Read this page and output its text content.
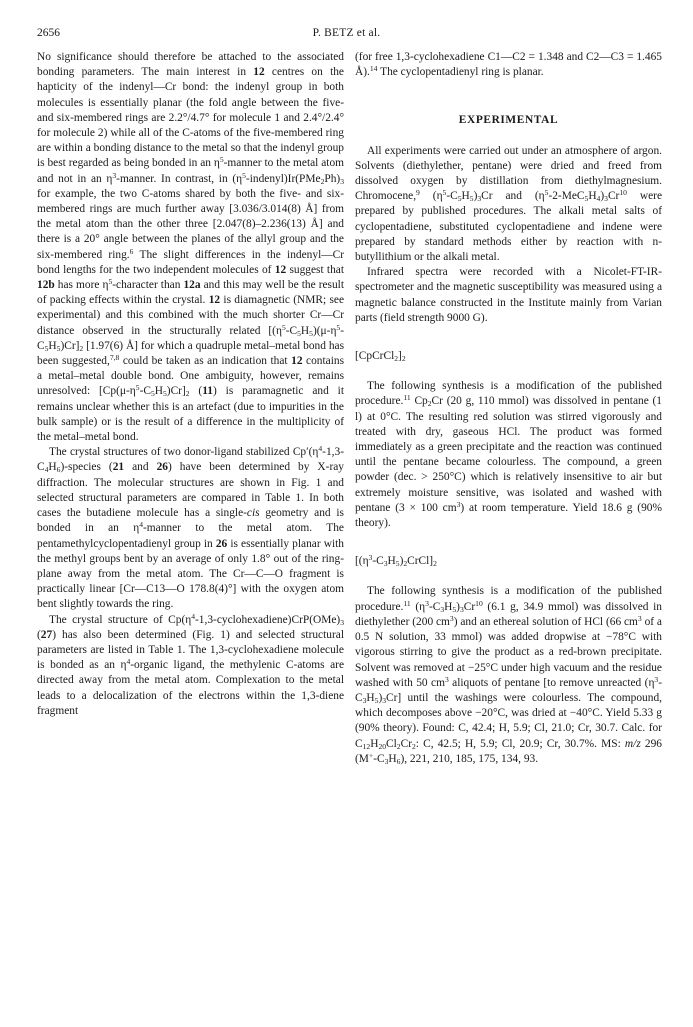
2656	P. BETZ et al.

No significance should therefore be attached to the associated bonding parameters. The main interest in 12 centres on the hapticity of the indenyl—Cr bond: the indenyl group in both molecules is essentially planar (the fold angle between the five- and six-membered rings are 2.2°/4.7° for molecule 1 and 2.4°/2.4° for molecule 2) while all of the C-atoms of the five-membered ring are within a bonding distance to the metal so that the indenyl group is best regarded as being bonded in an $\eta^5$-manner to the metal atom and not in an $\eta^3$-manner. In contrast, in $(\eta^5-indenyl)Ir(PMe_2Ph)_3$ for example, the two C-atoms shared by both the five- and six-membered rings are much further away [3.036/3.014(8) Å] from the metal atom than the other three [2.047(8)–2.236(13) Å] and there is a 20° angle between the planes of the allyl group and the six-membered ring.$^6$ The slight differences in the indenyl—Cr bond lengths for the two independent molecules of 12 suggest that 12b has more $\eta^5$-character than 12a and this may well be the result of packing effects within the crystal. 12 is diamagnetic (NMR; see experimental) and this combined with the much shorter Cr—Cr distance observed in the structurally related $[(\eta^5-C_5H_5)(\mu-\eta^5-C_5H_5)Cr]_2$ [1.97(6) Å] for which a quadruple metal–metal bond has been suggested,$^{7,8}$ could be taken as an indication that 12 contains a metal–metal double bond. One ambiguity, however, remains unresolved: $[Cp(\mu-\eta^5-C_5H_5)Cr]_2$ (11) is paramagnetic and it remains unclear whether this is an artefact (due to impurities in the bulk sample) or is the result of a difference in the multiplicity of the metal–metal bond.

The crystal structures of two donor-ligand stabilized $Cp'(\eta^4-1,3-C_4H_6)$-species (21 and 26) have been determined by X-ray diffraction. The molecular structures are shown in Fig. 1 and selected structural parameters are compared in Table 1. In both cases the butadiene molecule has a single-cis geometry and is bonded in an $\eta^4$-manner to the metal atom. The pentamethylcyclopentadienyl group in 26 is essentially planar with the methyl groups bent by an average of only 1.8° out of the ring-plane away from the metal atom. The Cr—C—O fragment is practically linear [Cr—C13—O 178.8(4)°] with the oxygen atom bent slightly towards the ring.

The crystal structure of $Cp(\eta^4-1,3-cyclohexadiene)CrP(OMe)_3$ (27) has also been determined (Fig. 1) and selected structural parameters are listed in Table 1. The 1,3-cyclohexadiene molecule is bonded as an $\eta^4$-organic ligand, the methylenic C-atoms are directed away from the metal atom. Complexation to the metal leads to a delocalization of the electrons within the 1,3-diene fragment

(for free 1,3-cyclohexadiene C1—C2 = 1.348 and C2—C3 = 1.465 Å).$^{14}$ The cyclopentadienyl ring is planar.

EXPERIMENTAL

All experiments were carried out under an atmosphere of argon. Solvents (diethylether, pentane) were dried and freed from dissolved oxygen by distillation from diethylmagnesium. Chromocene,$^9$ $(\eta^5-C_5H_5)_3Cr$ and $(\eta^5-2-MeC_5H_4)_3Cr^{10}$ were prepared by published procedures. The alkali metal salts of cyclopentadiene, substituted cyclopentadiene and indene were prepared by standard methods either by reaction with n-butyllithium or the alkali metal.

Infrared spectra were recorded with a Nicolet-FT-IR-spectrometer and the magnetic susceptibility was measured using a magnetic balance constructed in the Institute mainly from Varian parts (field strength 9000 G).

$[CpCrCl_2]_2$

The following synthesis is a modification of the published procedure.$^{11}$ $Cp_2Cr$ (20 g, 110 mmol) was dissolved in pentane (1 l) at 0°C. The resulting red solution was stirred vigorously and treated with dry, gaseous HCl. The product was formed immediately as a green precipitate and the reaction was continued until the pentane became colourless. The compound, a green powder (dec. > 250°C) which is relatively insensitive to air but extremely moisture sensitive, was isolated and washed with pentane (3 × 100 $cm^3$) at room temperature. Yield 18.6 g (90% theory).

$[(\eta^3-C_3H_5)_2CrCl]_2$

The following synthesis is a modification of the published procedure.$^{11}$ $(\eta^3-C_3H_5)_3Cr^{10}$ (6.1 g, 34.9 mmol) was dissolved in diethylether (200 $cm^3$) and an ethereal solution of HCl (66 $cm^3$ of a 0.5 N solution, 33 mmol) was added dropwise at −78°C with vigorous stirring to give the product as a red-brown precipitate. Solvent was removed at −25°C under high vacuum and the residue washed with 50 $cm^3$ aliquots of pentane [to remove unreacted $(\eta^3-C_3H_5)_3Cr$] until the washings were colourless. The compound, which decomposes above −20°C, was dried at −40°C. Yield 5.33 g (90% theory). Found: C, 42.4; H, 5.9; Cl, 21.0; Cr, 30.7. Calc. for $C_{12}H_{20}Cl_2Cr_2$: C, 42.5; H, 5.9; Cl, 20.9; Cr, 30.7%. MS: m/z 296 $(M^+-C_3H_6)$, 221, 210, 185, 175, 134, 93.
